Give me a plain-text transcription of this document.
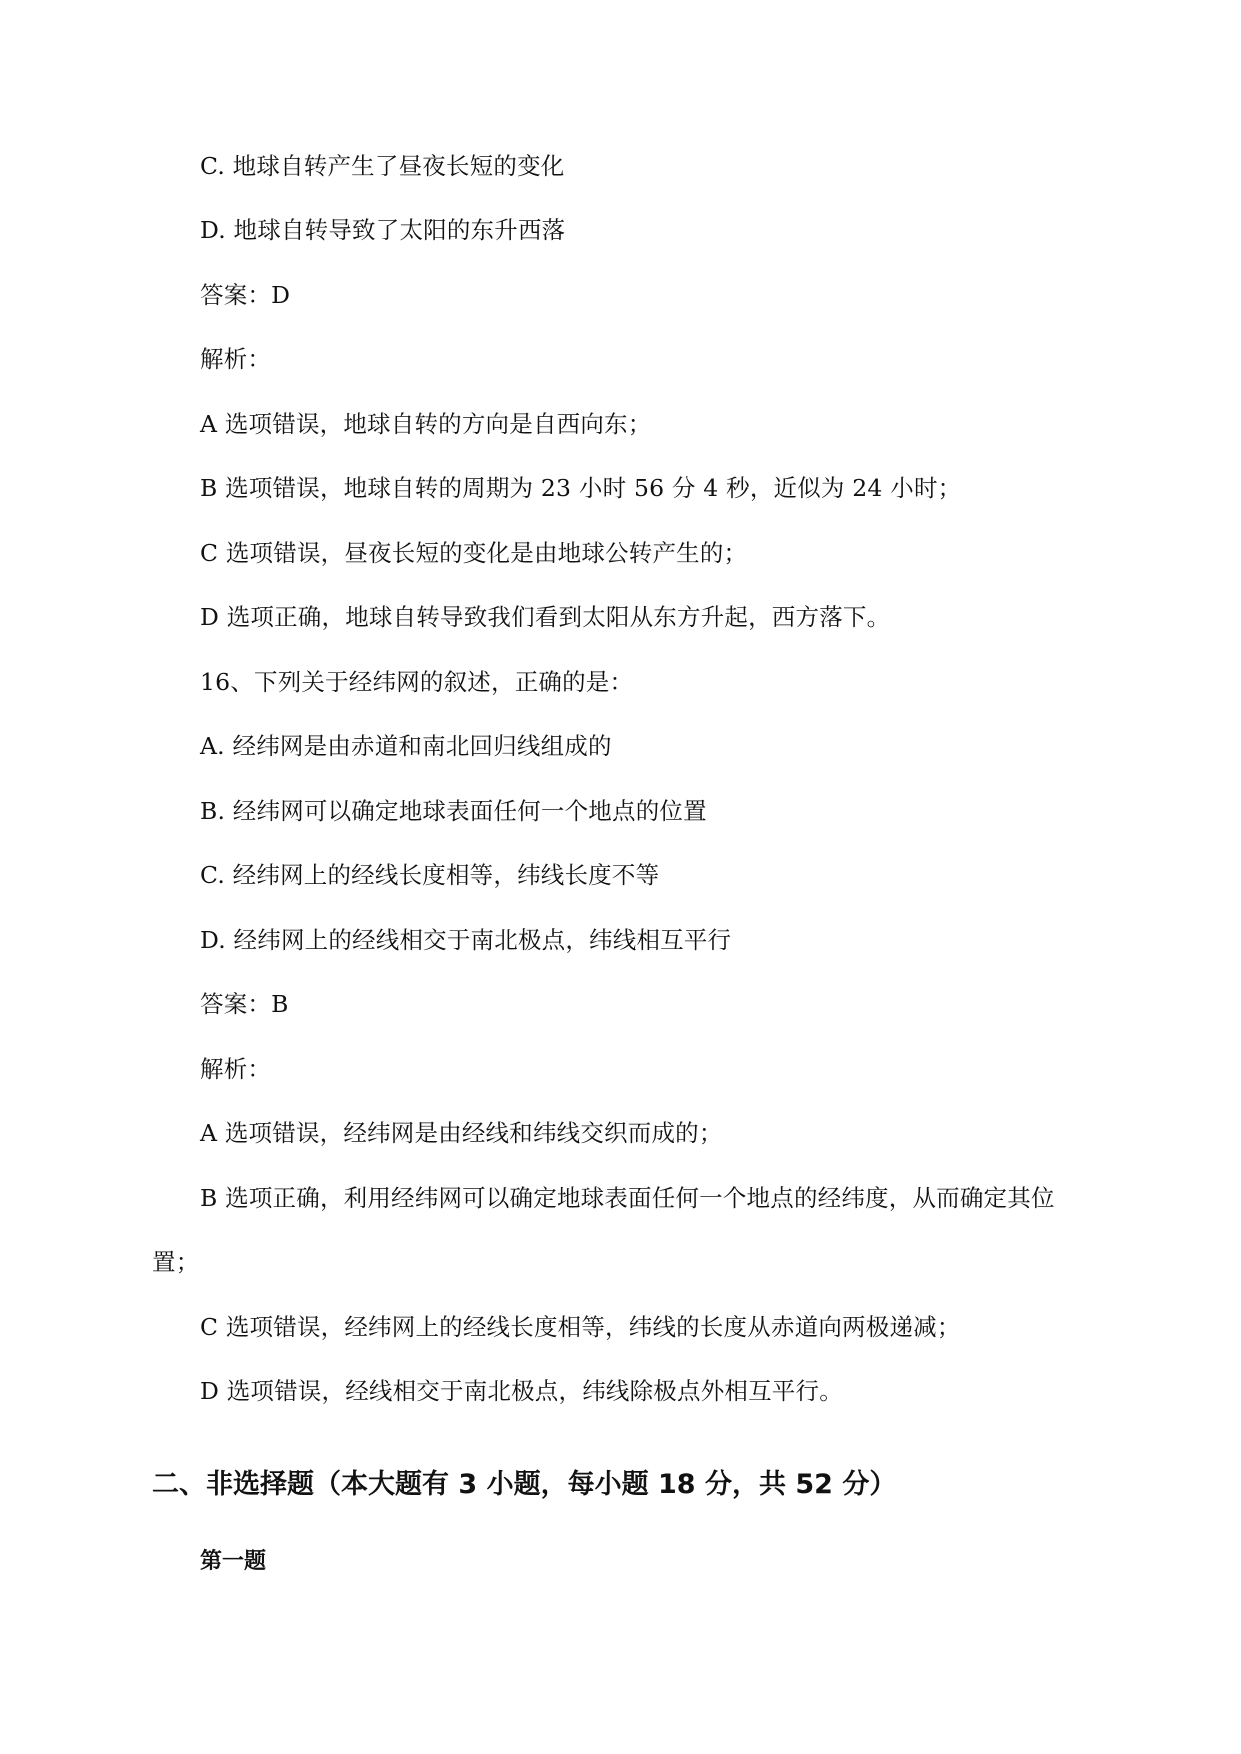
C. 地球自转产生了昼夜长短的变化
D. 地球自转导致了太阳的东升西落
答案：D
解析：
A 选项错误，地球自转的方向是自西向东；
B 选项错误，地球自转的周期为 23 小时 56 分 4 秒，近似为 24 小时；
C 选项错误，昼夜长短的变化是由地球公转产生的；
D 选项正确，地球自转导致我们看到太阳从东方升起，西方落下。
16、下列关于经纬网的叙述，正确的是：
A. 经纬网是由赤道和南北回归线组成的
B. 经纬网可以确定地球表面任何一个地点的位置
C. 经纬网上的经线长度相等，纬线长度不等
D. 经纬网上的经线相交于南北极点，纬线相互平行
答案：B
解析：
A 选项错误，经纬网是由经线和纬线交织而成的；
B 选项正确，利用经纬网可以确定地球表面任何一个地点的经纬度，从而确定其位
置；
C 选项错误，经纬网上的经线长度相等，纬线的长度从赤道向两极递减；
D 选项错误，经线相交于南北极点，纬线除极点外相互平行。
二、非选择题（本大题有 3 小题，每小题 18 分，共 52 分）
第一题
